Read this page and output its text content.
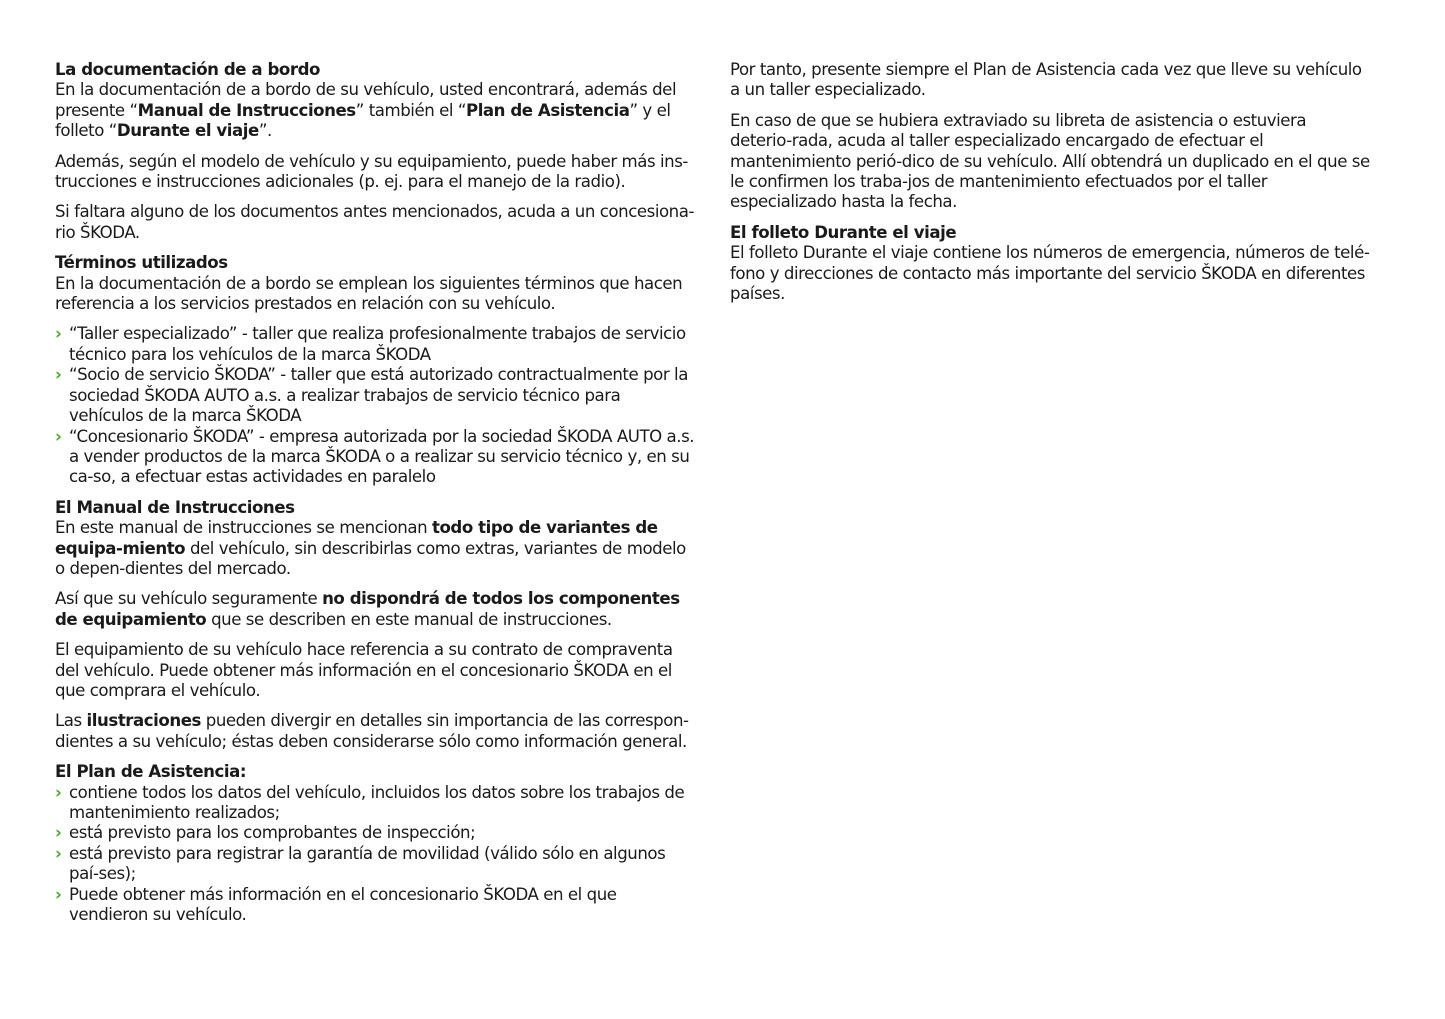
La documentación de a bordo

En la documentación de a bordo de su vehículo, usted encontrará, además del presente “Manual de Instrucciones” también el “Plan de Asistencia” y el folleto “Durante el viaje”.

Además, según el modelo de vehículo y su equipamiento, puede haber más ins-trucciones e instrucciones adicionales (p. ej. para el manejo de la radio).

Si faltara alguno de los documentos antes mencionados, acuda a un concesiona-rio ŠKODA.

Términos utilizados

En la documentación de a bordo se emplean los siguientes términos que hacen referencia a los servicios prestados en relación con su vehículo.

› “Taller especializado” - taller que realiza profesionalmente trabajos de servicio técnico para los vehículos de la marca ŠKODA
› “Socio de servicio ŠKODA” - taller que está autorizado contractualmente por la sociedad ŠKODA AUTO a.s. a realizar trabajos de servicio técnico para vehículos de la marca ŠKODA
› “Concesionario ŠKODA” - empresa autorizada por la sociedad ŠKODA AUTO a.s. a vender productos de la marca ŠKODA o a realizar su servicio técnico y, en su ca-so, a efectuar estas actividades en paralelo
El Manual de Instrucciones

En este manual de instrucciones se mencionan todo tipo de variantes de equipa-miento del vehículo, sin describirlas como extras, variantes de modelo o depen-dientes del mercado.

Así que su vehículo seguramente no dispondrá de todos los componentes de equipamiento que se describen en este manual de instrucciones.

El equipamiento de su vehículo hace referencia a su contrato de compraventa del vehículo. Puede obtener más información en el concesionario ŠKODA en el que comprara el vehículo.

Las ilustraciones pueden divergir en detalles sin importancia de las correspon-dientes a su vehículo; éstas deben considerarse sólo como información general.

El Plan de Asistencia:
› contiene todos los datos del vehículo, incluidos los datos sobre los trabajos de mantenimiento realizados;
› está previsto para los comprobantes de inspección;
› está previsto para registrar la garantía de movilidad (válido sólo en algunos paí-ses);
› Puede obtener más información en el concesionario ŠKODA en el que vendieron su vehículo.

Por tanto, presente siempre el Plan de Asistencia cada vez que lleve su vehículo a un taller especializado.

En caso de que se hubiera extraviado su libreta de asistencia o estuviera deterio-rada, acuda al taller especializado encargado de efectuar el mantenimiento perió-dico de su vehículo. Allí obtendrá un duplicado en el que se le confirmen los traba-jos de mantenimiento efectuados por el taller especializado hasta la fecha.

El folleto Durante el viaje

El folleto Durante el viaje contiene los números de emergencia, números de telé-fono y direcciones de contacto más importante del servicio ŠKODA en diferentes países.
